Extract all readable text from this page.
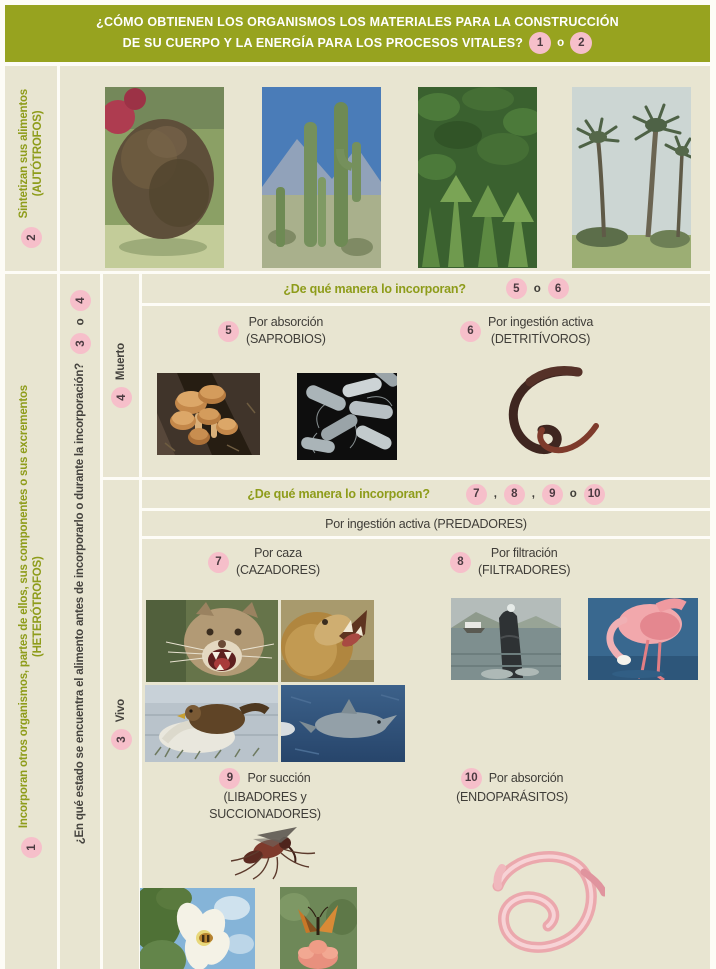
¿CÓMO OBTIENEN LOS ORGANISMOS LOS MATERIALES PARA LA CONSTRUCCIÓN
DE SU CUERPO Y LA ENERGÍA PARA LOS PROCESOS VITALES?	1	o	2
Sintetizan sus alimentos (AUTÓTROFOS)
2
Incorporan otros organismos, partes de ellos, sus componentes o sus excrementos (HETERÓTROFOS)
1
4
o
3
¿En qué estado se encuentra el alimento antes de incorporarlo o durante la incorporación?
Muerto
4
¿De qué manera lo incorporan?	5	o	6
5
Por absorción
(SAPROBIOS)
6
Por ingestión activa
(DETRITÍVOROS)
Vivo
3
¿De qué manera lo incorporan?	7	,	8	,	9	o 10
Por ingestión activa (PREDADORES)
7
Por caza
(CAZADORES)
8
Por filtración
(FILTRADORES)
9	Por succión
(LIBADORES y SUCCIONADORES)
10 Por absorción
(ENDOPARÁSITOS)
